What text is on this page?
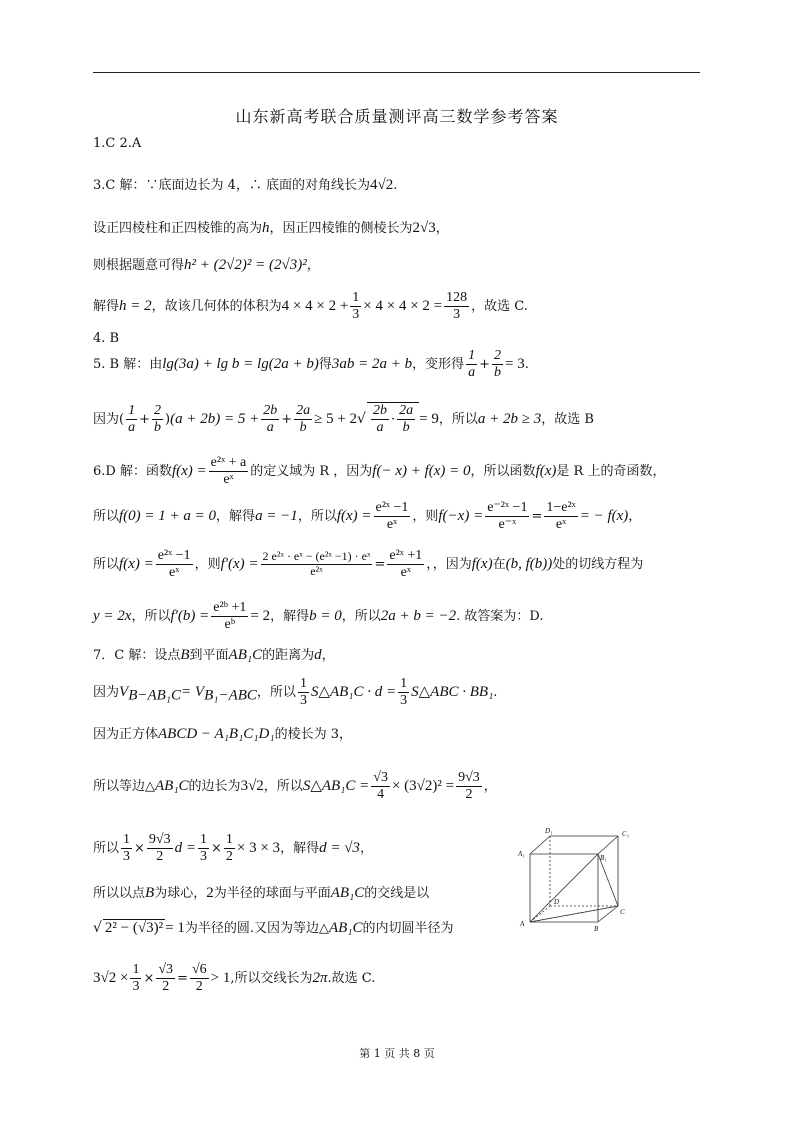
山东新高考联合质量测评高三数学参考答案
1.C 2.A
3.C 解：∵底面边长为 4，∴ 底面的对角线长为4√2.
设正四棱柱和正四棱锥的高为h，因正四棱锥的侧棱长为2√3，
则根据题意可得h² + (2√2)² = (2√3)²，
解得h = 2，故该几何体的体积为$4 \times 4 \times 2 + \frac{1}{3} \times 4 \times 4 \times 2 = \frac{128}{3}$ ，故选 C.
4. B
5. B 解：由lg(3a) + lg b = lg(2a + b)得3ab = 2a + b，变形得 $\frac{1}{a} + \frac{2}{b} = 3$.
因为( $\frac{1}{a} + \frac{2}{b} )(a + 2b) = 5 + \frac{2b}{a} + \frac{2a}{b} \ge 5 + 2√ \frac{2b}{a} \cdot \frac{2a}{b} = 9$，所以a + 2b ≥ 3，故选 B
6.D 解：函数$f(x) = \frac{\text{e²ˣ + a}}{\text{eˣ}}$ 的定义域为 R ，因为f(− x) + f(x) = 0，所以函数f(x)是 R 上的奇函数，
所以f(0) = 1 + a = 0，解得a = −1，所以$f(x) = \frac{\text{e²ˣ −1}}{\text{eˣ}}$ ，则$f(-x) = \frac{\text{e⁻²ˣ −1}}{\text{e⁻ˣ}} = \frac{\text{1−e²ˣ}}{\text{eˣ}}$ = − f(x)，
所以$f(x) = \frac{\text{e²ˣ −1}}{\text{eˣ}}$ ，则$f'(x) = \frac{\text{2 e²ˣ · eˣ − (e²ˣ −1) · eˣ}}{\text{e²ˣ}} = \frac{\text{e²ˣ +1}}{\text{eˣ}}$ ，，因为f(x)在(b, f(b))处的切线方程为
y = 2x，所以$f'(b) = \frac{\text{e²ᵇ +1}}{\text{eᵇ}} = 2$，解得b = 0，所以2a + b = −2. 故答案为：D.
7．C 解：设点B到平面AB₁C的距离为d，
因为$V_{B-AB_1C}= V_{B_1-ABC}$，所以 $\frac{1}{3}$ S△AB₁C · $d = \frac{1}{3}$ S△ABC · BB₁.
因为正方体ABCD − A₁B₁C₁D₁的棱长为 3，
所以等边△AB₁C的边长为3√2，所以S△AB₁C = $\frac{√3}{4} \times (3√2)^2 = \frac{9√3}{2}$ ，
所以 $\frac{1}{3} \times \frac{9√3}{2}$ $d = \frac{1}{3} \times \frac{1}{2} \times 3 \times 3$，解得d = √3，
所以以点B为球心，2为半径的球面与平面AB₁C的交线是以
√ 2² − (√3)² = 1为半径的圆.又因为等边△AB₁C的内切圆半径为
$3√2 \times \frac{1}{3} \times \frac{√3}{2} = \frac{√6}{2} > 1$,所以交线长为2π.故选 C.
D₁	C₁
A₁	B₁
D
C
A
B
第 1 页 共 8 页
